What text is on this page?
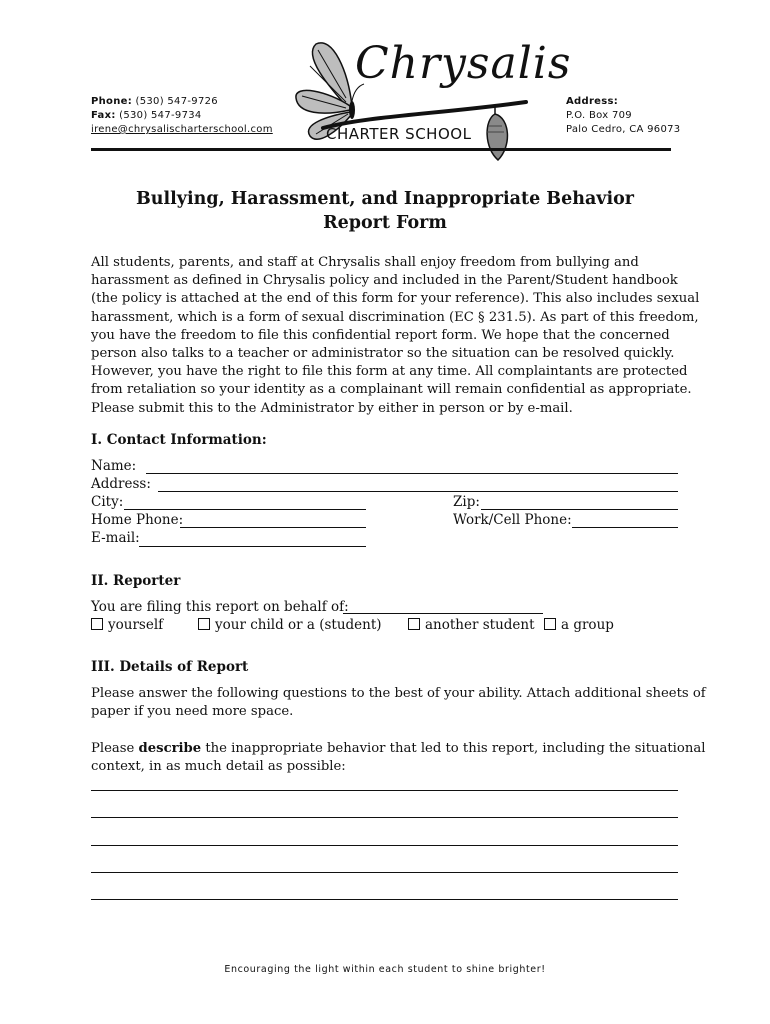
Phone: (530) 547-9726
Fax: (530) 547-9734
irene@chrysalischarterschool.com
Address:
P.O. Box 709
Palo Cedro, CA 96073
Chrysalis
CHARTER SCHOOL
Bullying, Harassment, and Inappropriate Behavior
Report Form
All students, parents, and staff at Chrysalis shall enjoy freedom from bullying and
harassment as defined in Chrysalis policy and included in the Parent/Student handbook
(the policy is attached at the end of this form for your reference). This also includes sexual
harassment, which is a form of sexual discrimination (EC § 231.5). As part of this freedom,
you have the freedom to file this confidential report form. We hope that the concerned
person also talks to a teacher or administrator so the situation can be resolved quickly.
However, you have the right to file this form at any time. All complaintants are protected
from retaliation so your identity as a complainant will remain confidential as appropriate.
Please submit this to the Administrator by either in person or by e-mail.
I. Contact Information:
Name:
Address:
City:	Zip:
Home Phone:	Work/Cell Phone:
E-mail:
II. Reporter
You are filing this report on behalf of:
yourself	your child or a (student)	another student	a group
III. Details of Report
Please answer the following questions to the best of your ability. Attach additional sheets of
paper if you need more space.
Please describe the inappropriate behavior that led to this report, including the situational
context, in as much detail as possible:
Encouraging the light within each student to shine brighter!
